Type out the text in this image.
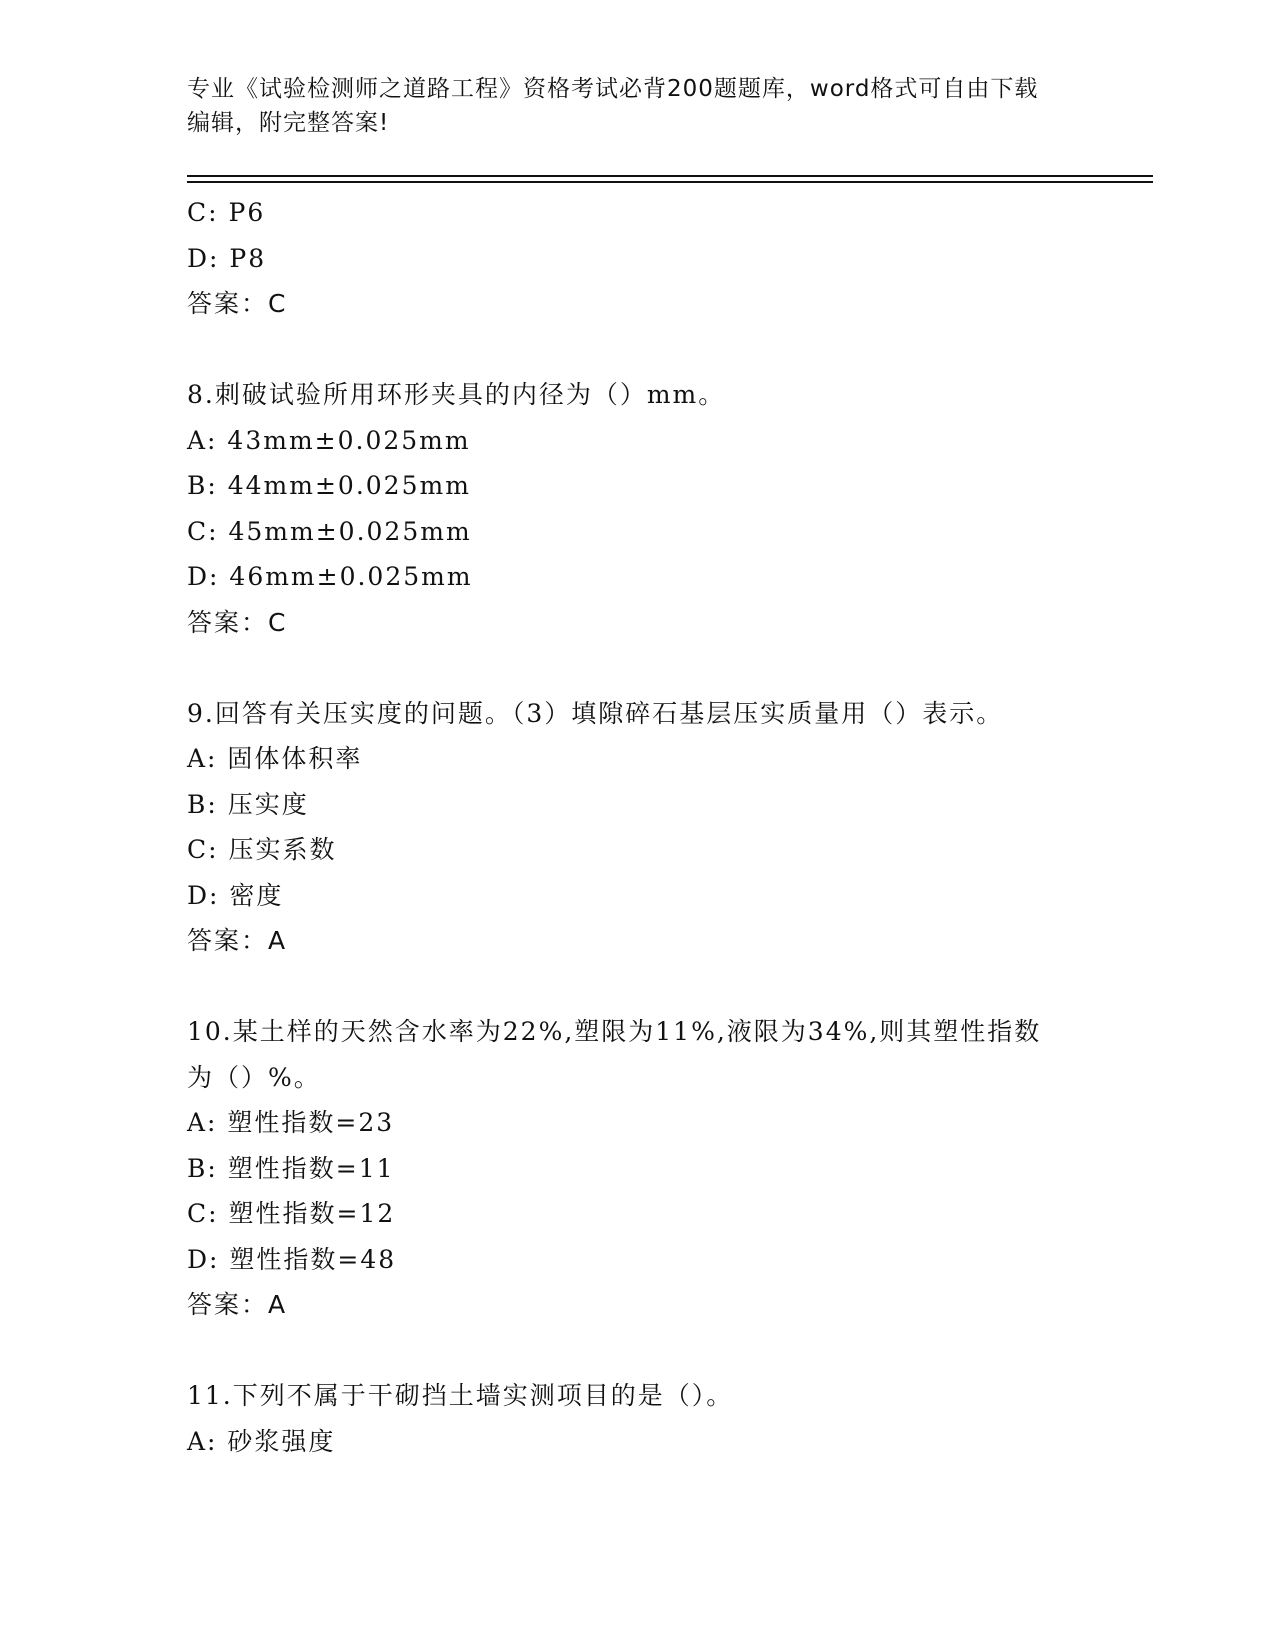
专业《试验检测师之道路工程》资格考试必背200题题库，word格式可自由下载
编辑，附完整答案!
C: P6
D: P8
答案：C
8.刺破试验所用环形夹具的内径为（）mm。
A: 43mm±0.025mm
B: 44mm±0.025mm
C: 45mm±0.025mm
D: 46mm±0.025mm
答案：C
9.回答有关压实度的问题。（3）填隙碎石基层压实质量用（）表示。
A: 固体体积率
B: 压实度
C: 压实系数
D: 密度
答案：A
10.某土样的天然含水率为22%,塑限为11%,液限为34%,则其塑性指数
为（）%。
A: 塑性指数=23
B: 塑性指数=11
C: 塑性指数=12
D: 塑性指数=48
答案：A
11.下列不属于干砌挡土墙实测项目的是（）。
A: 砂浆强度
